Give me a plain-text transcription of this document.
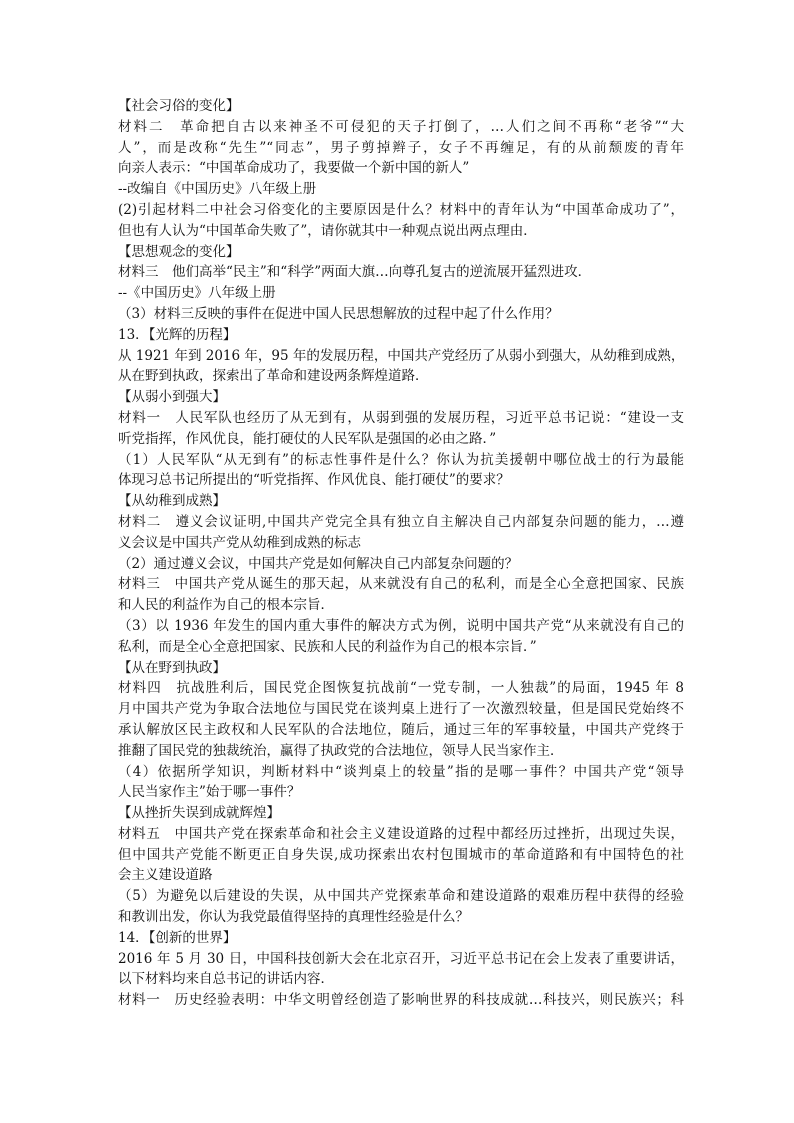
【社会习俗的变化】
材料二　革命把自古以来神圣不可侵犯的天子打倒了，…人们之间不再称“老爷”“大
人”，而是改称“先生”“同志”，男子剪掉辫子，女子不再缠足，有的从前颓废的青年
向亲人表示：“中国革命成功了，我要做一个新中国的新人”
--改编自《中国历史》八年级上册
(2)引起材料二中社会习俗变化的主要原因是什么？材料中的青年认为“中国革命成功了”，
但也有人认为“中国革命失败了”，请你就其中一种观点说出两点理由．
【思想观念的变化】
材料三　他们高举“民主”和“科学”两面大旗…向尊孔复古的逆流展开猛烈进攻．
--《中国历史》八年级上册
（3）材料三反映的事件在促进中国人民思想解放的过程中起了什么作用？
13．【光辉的历程】
从 1921 年到 2016 年，95 年的发展历程，中国共产党经历了从弱小到强大，从幼稚到成熟，
从在野到执政，探索出了革命和建设两条辉煌道路．
【从弱小到强大】
材料一　人民军队也经历了从无到有，从弱到强的发展历程，习近平总书记说：“建设一支
听党指挥，作风优良，能打硬仗的人民军队是强国的必由之路．”
（1）人民军队“从无到有”的标志性事件是什么？你认为抗美援朝中哪位战士的行为最能
体现习总书记所提出的“听党指挥、作风优良、能打硬仗”的要求？
【从幼稚到成熟】
材料二　遵义会议证明,中国共产党完全具有独立自主解决自己内部复杂问题的能力，…遵
义会议是中国共产党从幼稚到成熟的标志
（2）通过遵义会议，中国共产党是如何解决自己内部复杂问题的？
材料三　中国共产党从诞生的那天起，从来就没有自己的私利，而是全心全意把国家、民族
和人民的利益作为自己的根本宗旨．
（3）以 1936 年发生的国内重大事件的解决方式为例，说明中国共产党“从来就没有自己的
私利，而是全心全意把国家、民族和人民的利益作为自己的根本宗旨．”
【从在野到执政】
材料四　抗战胜利后，国民党企图恢复抗战前“一党专制，一人独裁”的局面，1945 年 8
月中国共产党为争取合法地位与国民党在谈判桌上进行了一次激烈较量，但是国民党始终不
承认解放区民主政权和人民军队的合法地位，随后，通过三年的军事较量，中国共产党终于
推翻了国民党的独裁统治，赢得了执政党的合法地位，领导人民当家作主．
（4）依据所学知识，判断材料中“谈判桌上的较量”指的是哪一事件？中国共产党“领导
人民当家作主”始于哪一事件？
【从挫折失误到成就辉煌】
材料五　中国共产党在探索革命和社会主义建设道路的过程中都经历过挫折，出现过失误，
但中国共产党能不断更正自身失误,成功探索出农村包围城市的革命道路和有中国特色的社
会主义建设道路
（5）为避免以后建设的失误，从中国共产党探索革命和建设道路的艰难历程中获得的经验
和教训出发，你认为我党最值得坚持的真理性经验是什么？
14．【创新的世界】
2016 年 5 月 30 日，中国科技创新大会在北京召开，习近平总书记在会上发表了重要讲话，
以下材料均来自总书记的讲话内容．
材料一　历史经验表明：中华文明曾经创造了影响世界的科技成就…科技兴，则民族兴；科
